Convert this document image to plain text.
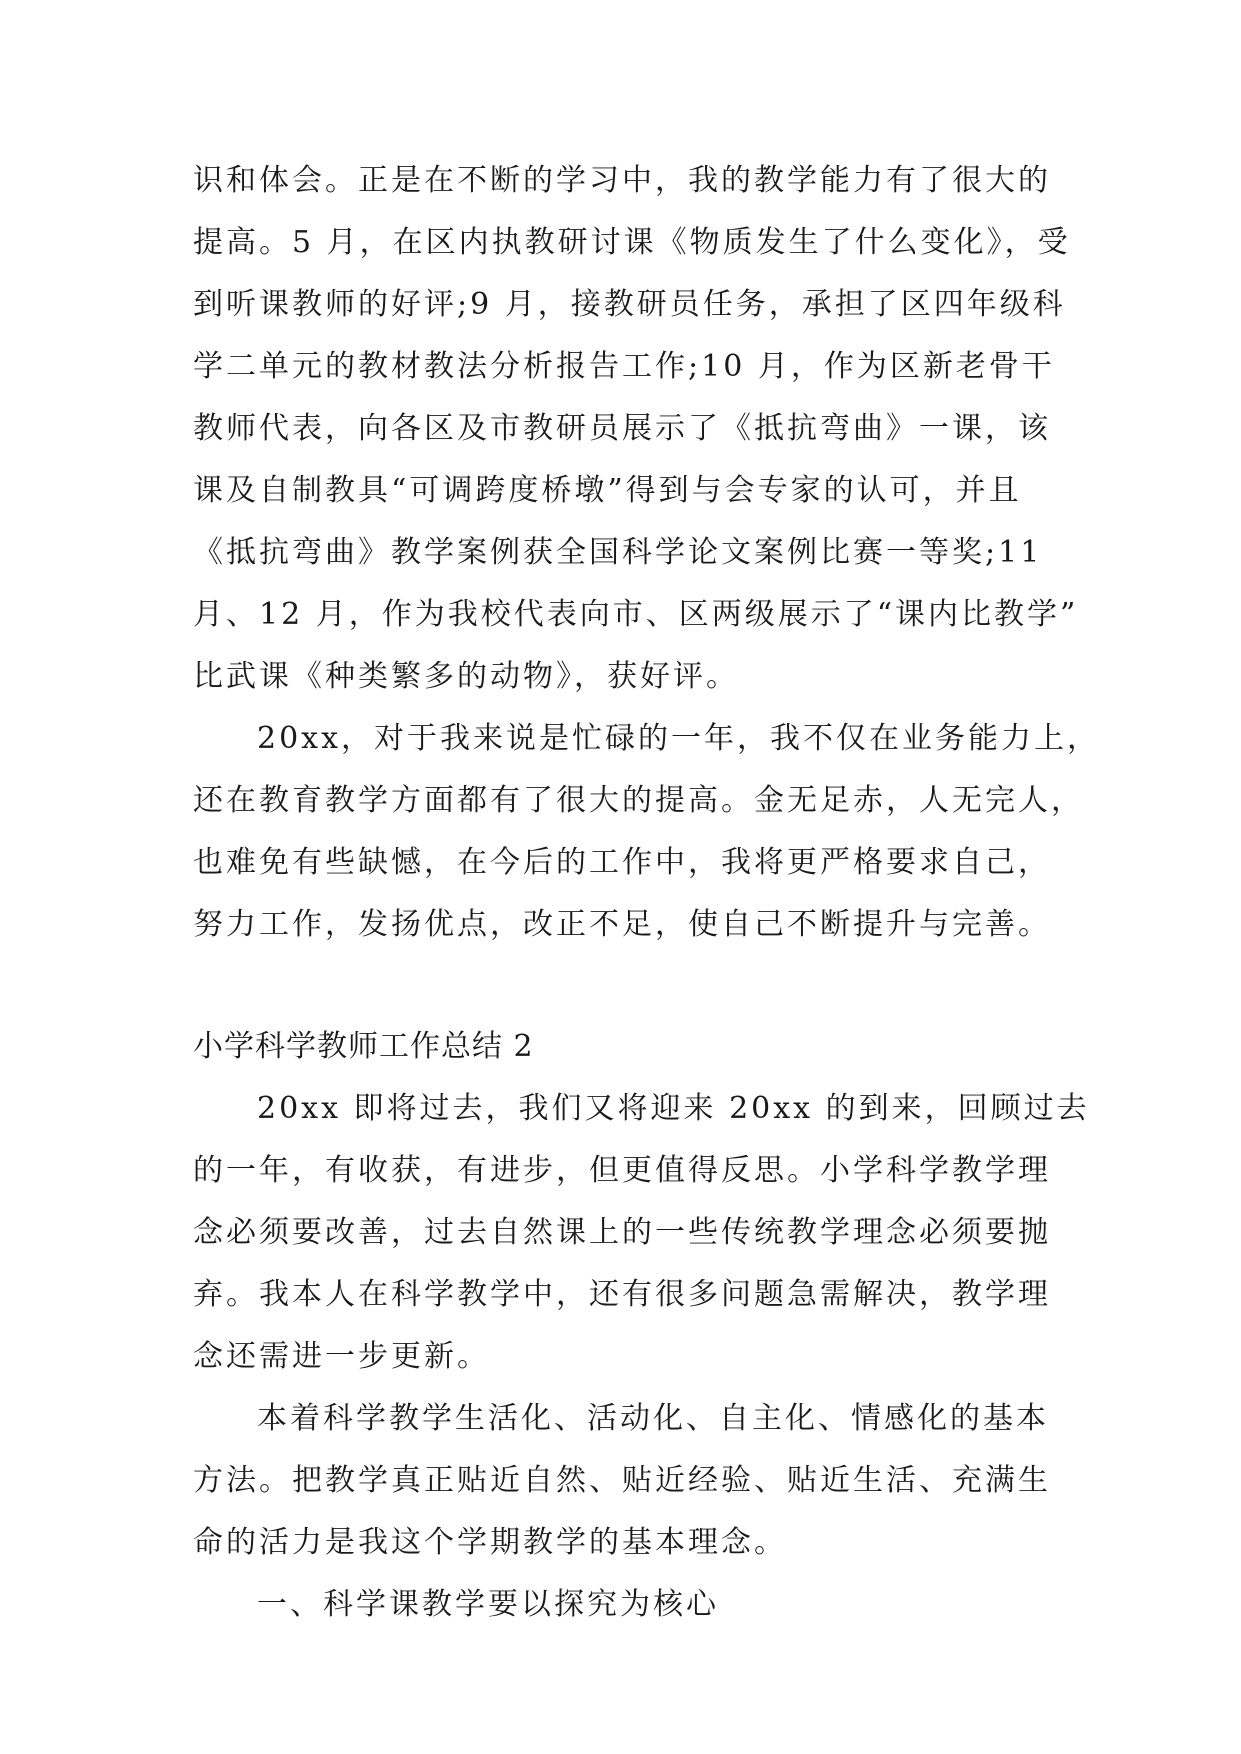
识和体会。正是在不断的学习中，我的教学能力有了很大的
提高。5 月，在区内执教研讨课《物质发生了什么变化》，受
到听课教师的好评;9 月，接教研员任务，承担了区四年级科
学二单元的教材教法分析报告工作;10 月，作为区新老骨干
教师代表，向各区及市教研员展示了《抵抗弯曲》一课，该
课及自制教具“可调跨度桥墩”得到与会专家的认可，并且
《抵抗弯曲》教学案例获全国科学论文案例比赛一等奖;11
月、12 月，作为我校代表向市、区两级展示了“课内比教学”
比武课《种类繁多的动物》，获好评。
20xx，对于我来说是忙碌的一年，我不仅在业务能力上，
还在教育教学方面都有了很大的提高。金无足赤，人无完人，
也难免有些缺憾，在今后的工作中，我将更严格要求自己，
努力工作，发扬优点，改正不足，使自己不断提升与完善。
小学科学教师工作总结 2
20xx 即将过去，我们又将迎来 20xx 的到来，回顾过去
的一年，有收获，有进步，但更值得反思。小学科学教学理
念必须要改善，过去自然课上的一些传统教学理念必须要抛
弃。我本人在科学教学中，还有很多问题急需解决，教学理
念还需进一步更新。
本着科学教学生活化、活动化、自主化、情感化的基本
方法。把教学真正贴近自然、贴近经验、贴近生活、充满生
命的活力是我这个学期教学的基本理念。
一、科学课教学要以探究为核心
